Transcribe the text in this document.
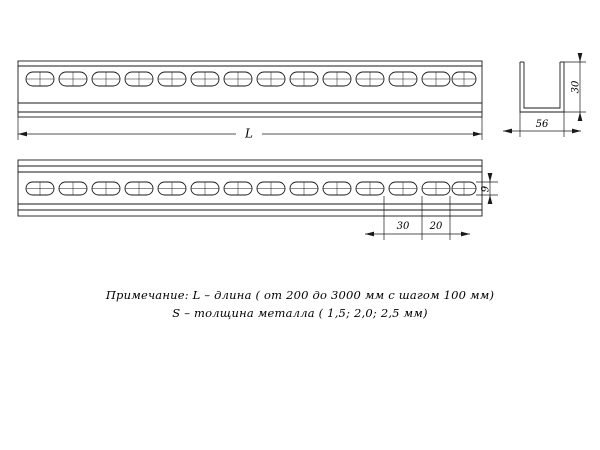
L
9
30 20
30
56
Примечание: L – длина ( от 200 до 3000 мм с шагом 100 мм)
S – толщина металла ( 1,5; 2,0; 2,5 мм)
